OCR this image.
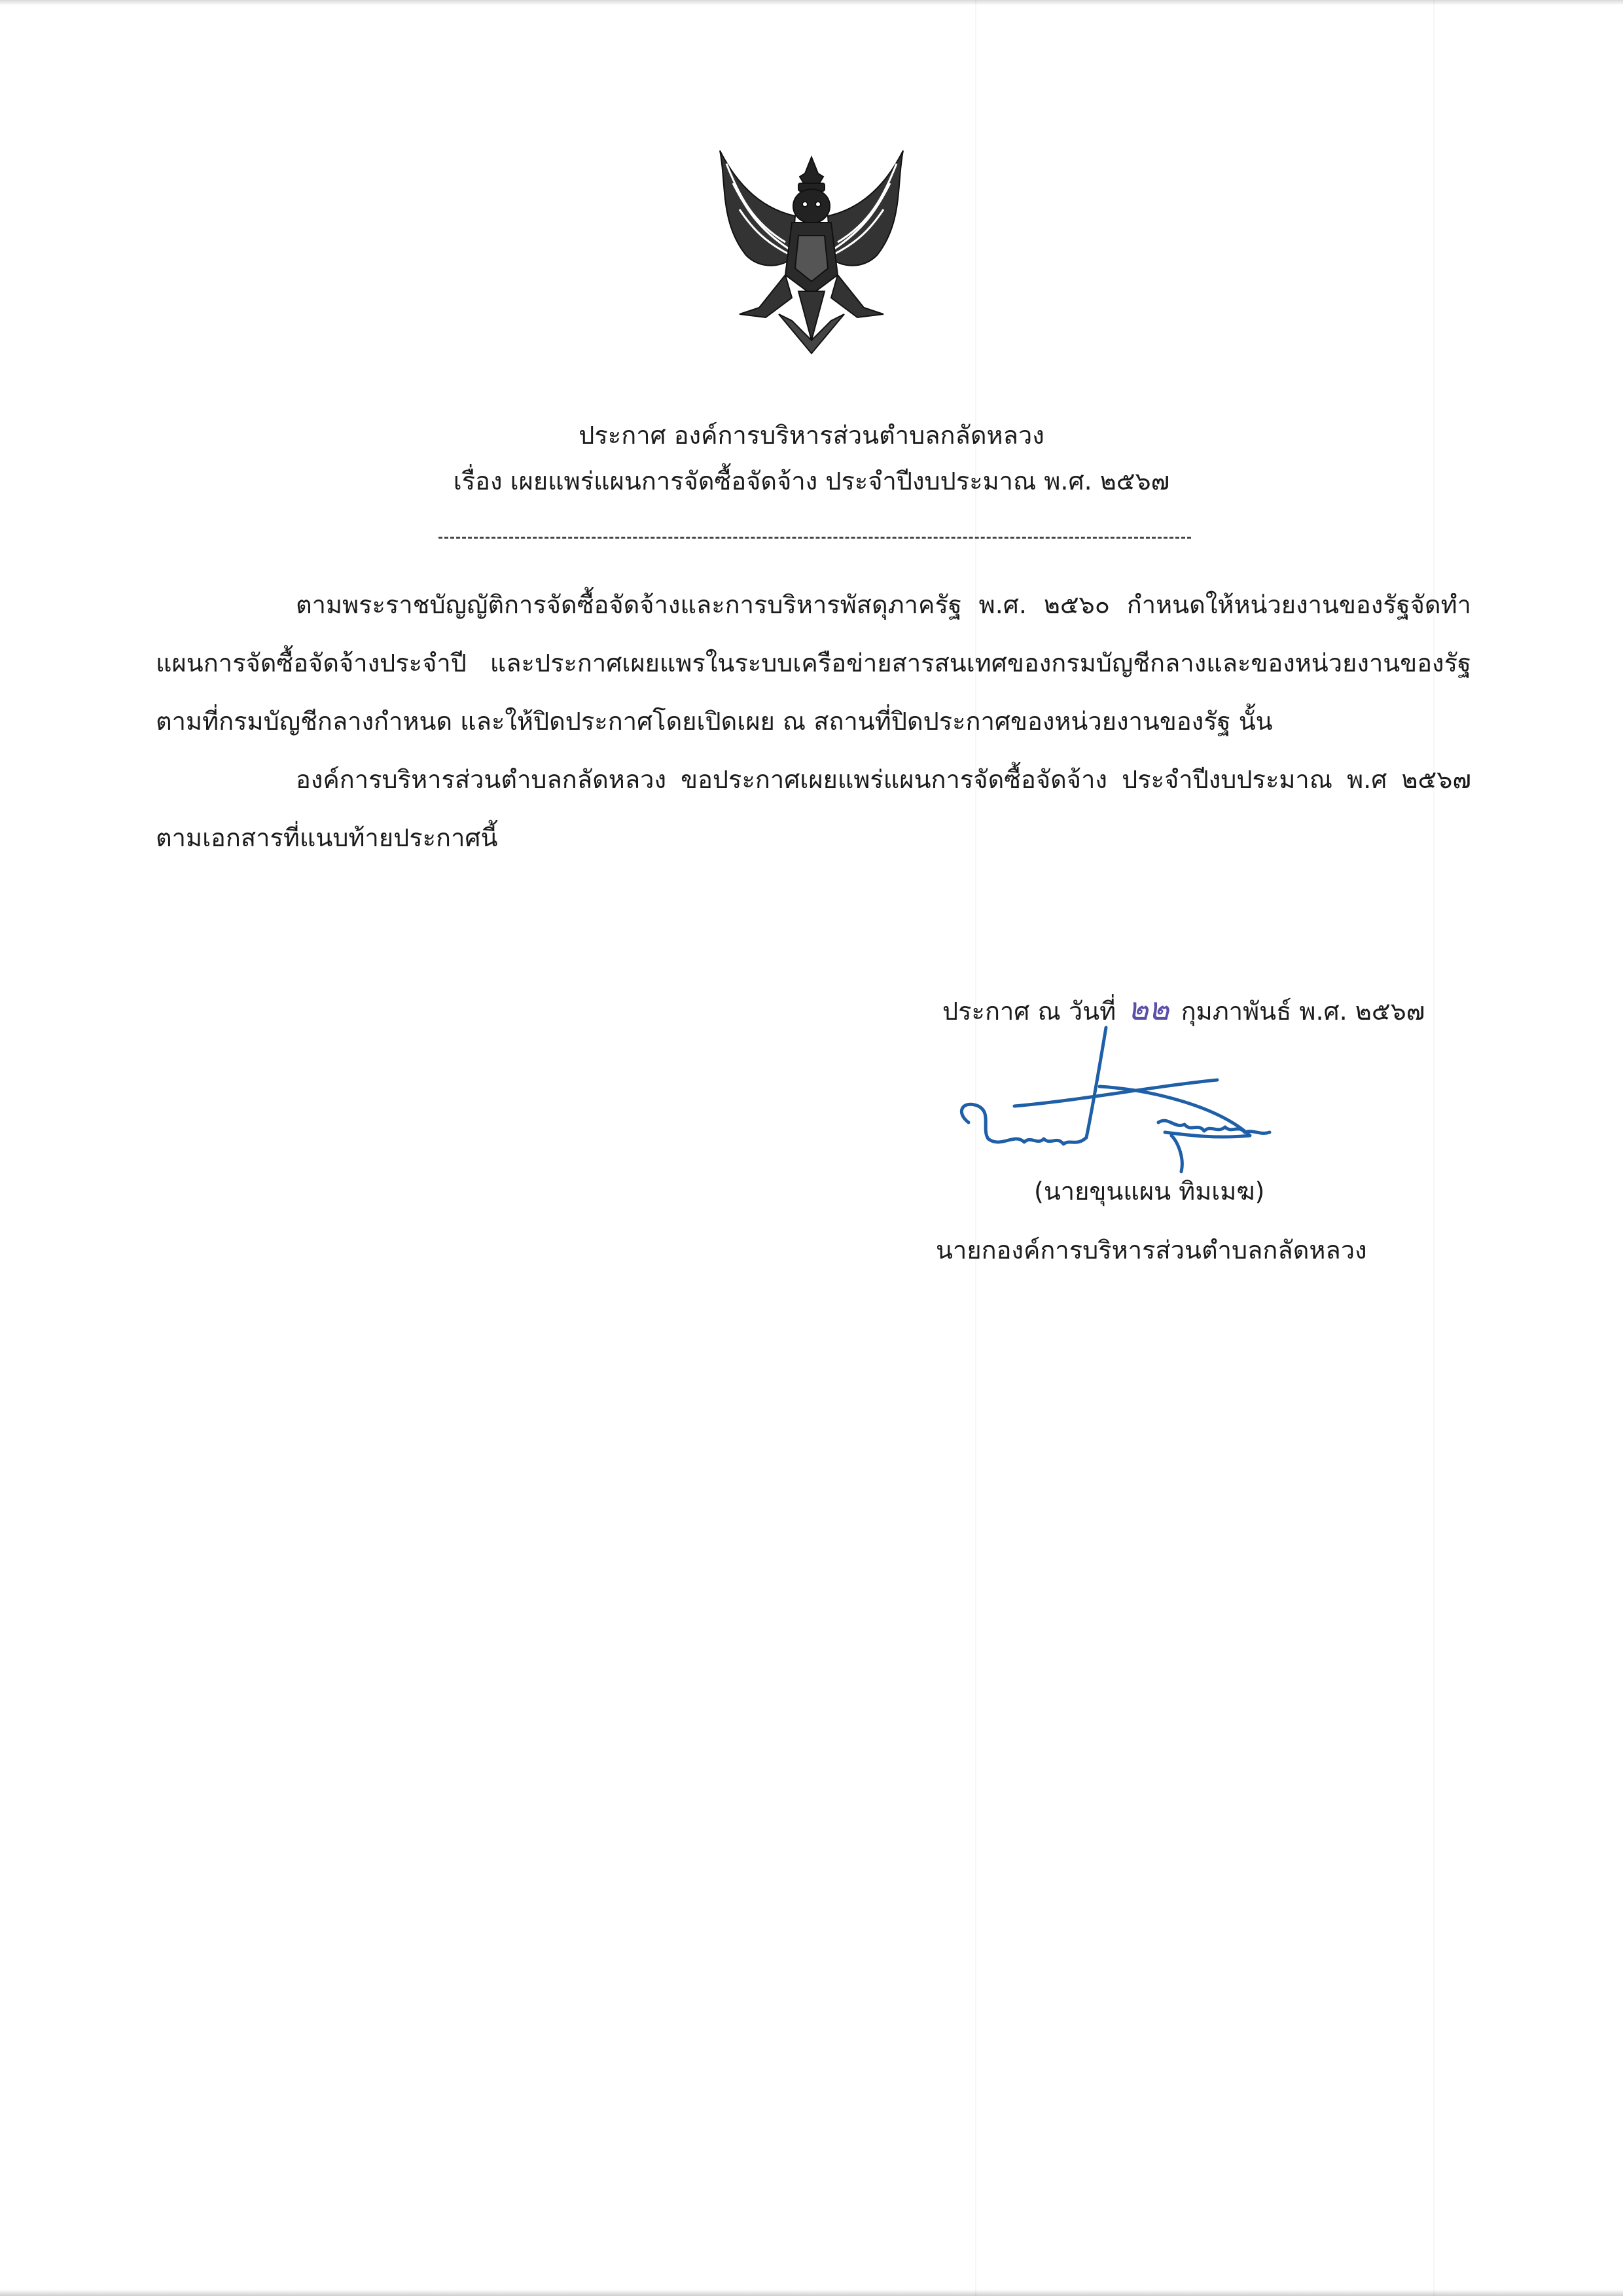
ประกาศ องค์การบริหารส่วนตำบลกลัดหลวง
เรื่อง เผยแพร่แผนการจัดซื้อจัดจ้าง ประจำปีงบประมาณ พ.ศ. ๒๕๖๗

ตามพระราชบัญญัติการจัดซื้อจัดจ้างและการบริหารพัสดุภาครัฐ พ.ศ. ๒๕๖๐ กำหนดให้หน่วยงานของรัฐจัดทำแผนการจัดซื้อจัดจ้างประจำปี และประกาศเผยแพรในระบบเครือข่ายสารสนเทศของกรมบัญชีกลางและของหน่วยงานของรัฐตามที่กรมบัญชีกลางกำหนด และให้ปิดประกาศโดยเปิดเผย ณ สถานที่ปิดประกาศของหน่วยงานของรัฐ นั้น

องค์การบริหารส่วนตำบลกลัดหลวง ขอประกาศเผยแพร่แผนการจัดซื้อจัดจ้าง ประจำปีงบประมาณ พ.ศ ๒๕๖๗ ตามเอกสารที่แนบท้ายประกาศนี้

ประกาศ ณ วันที่ ๒๒ กุมภาพันธ์ พ.ศ. ๒๕๖๗
(นายขุนแผน ทิมเมฆ)
นายกองค์การบริหารส่วนตำบลกลัดหลวง
